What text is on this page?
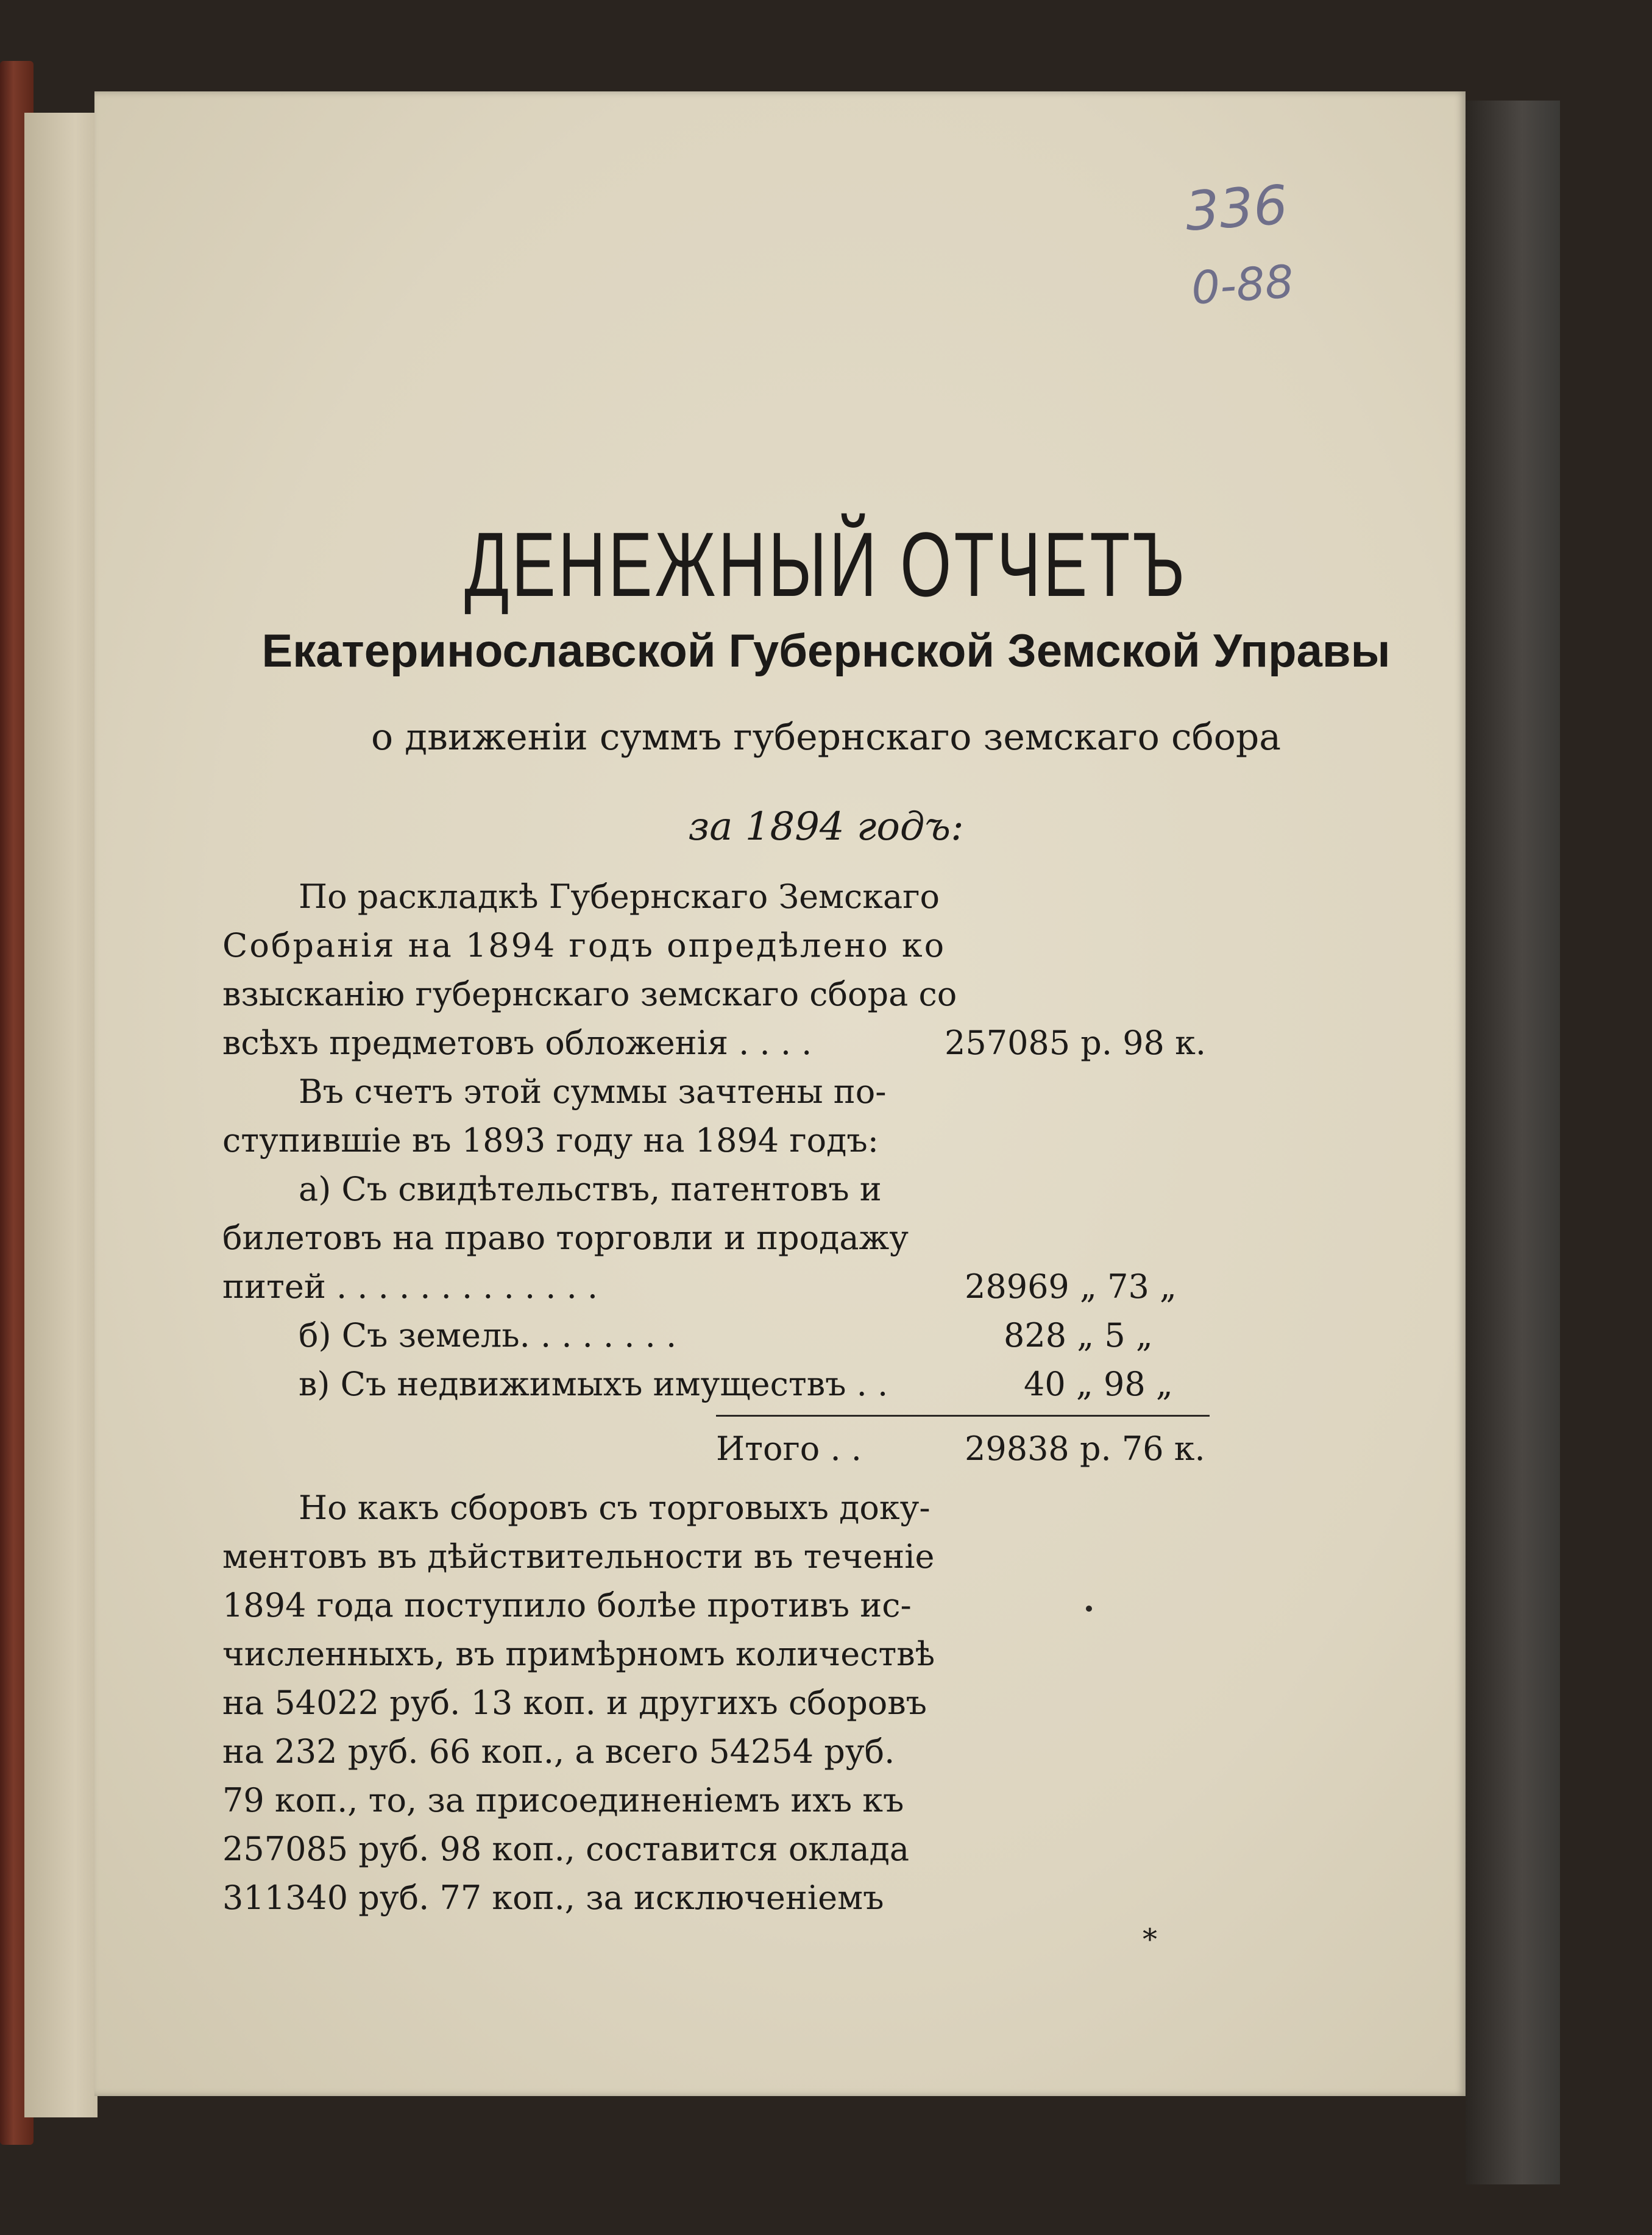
336
0-88
ДЕНЕЖНЫЙ ОТЧЕТЪ
Екатеринославской Губернской Земской Управы
о движеніи суммъ губернскаго земскаго сбора
за 1894 годъ:
По раскладкѣ Губернскаго Земскаго
Собранія на 1894 годъ опредѣлено ко
взысканію губернскаго земскаго сбора со
всѣхъ предметовъ обложенія . . . .	257085 р. 98 к.
Въ счетъ этой суммы зачтены по-
ступившіе въ 1893 году на 1894 годъ:
а) Съ свидѣтельствъ, патентовъ и
билетовъ на право торговли и продажу
питей . . . . . . . . . . . . .	28969 „ 73 „
б) Съ земель. . . . . . . .	828 „ 5 „
в) Съ недвижимыхъ имуществъ . .	40 „ 98 „
Итого . .	29838 р. 76 к.
Но какъ сборовъ съ торговыхъ доку-
ментовъ въ дѣйствительности въ теченіе
1894 года поступило болѣе противъ ис-
численныхъ, въ примѣрномъ количествѣ
на 54022 руб. 13 коп. и другихъ сборовъ
на 232 руб. 66 коп., а всего 54254 руб.
79 коп., то, за присоединеніемъ ихъ къ
257085 руб. 98 коп., составится оклада
311340 руб. 77 коп., за исключеніемъ
*
